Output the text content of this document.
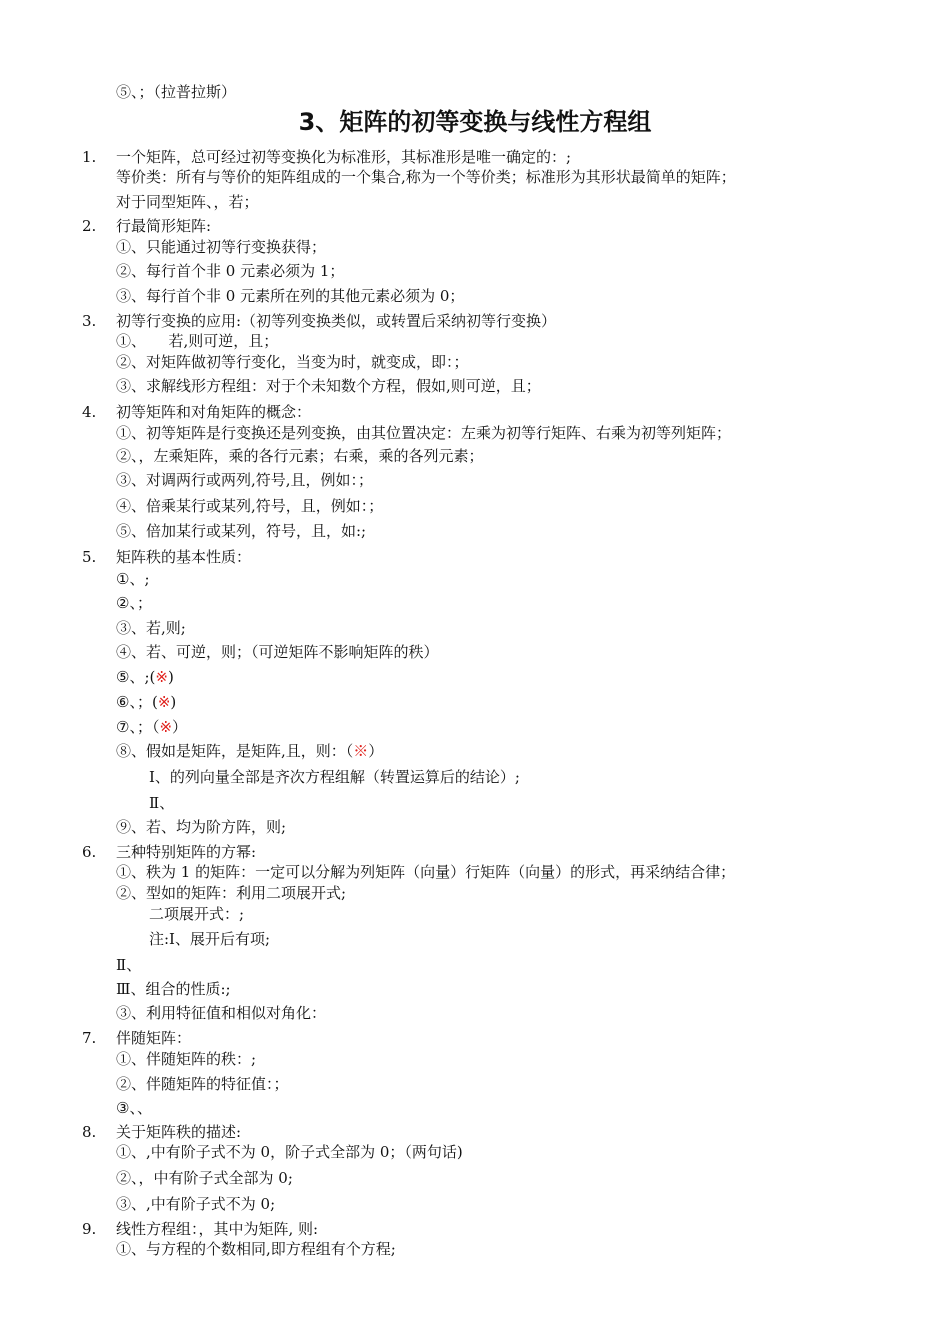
⑤、；（拉普拉斯）
3、矩阵的初等变换与线性方程组
1. 一个矩阵，总可经过初等变换化为标准形，其标准形是唯一确定的：;
等价类：所有与等价的矩阵组成的一个集合,称为一个等价类；标准形为其形状最简单的矩阵；
对于同型矩阵、，若；
2. 行最简形矩阵:
①、只能通过初等行变换获得；
②、每行首个非 0 元素必须为 1；
③、每行首个非 0 元素所在列的其他元素必须为 0；
3. 初等行变换的应用:（初等列变换类似，或转置后采纳初等行变换）
①、　　若,则可逆，且；
②、对矩阵做初等行变化，当变为时，就变成，即：；
③、求解线形方程组：对于个未知数个方程，假如,则可逆，且；
4. 初等矩阵和对角矩阵的概念：
①、初等矩阵是行变换还是列变换，由其位置决定：左乘为初等行矩阵、右乘为初等列矩阵；
②、，左乘矩阵，乘的各行元素；右乘，乘的各列元素；
③、对调两行或两列,符号,且，例如：；
④、倍乘某行或某列,符号，且，例如：；
⑤、倍加某行或某列，符号，且，如:;
5. 矩阵秩的基本性质：
①、;
②、；
③、若,则;
④、若、可逆，则；（可逆矩阵不影响矩阵的秩）
⑤、;(※)
⑥、；(※)
⑦、；（※）
⑧、假如是矩阵，是矩阵,且，则：（※）
Ⅰ、的列向量全部是齐次方程组解（转置运算后的结论）;
Ⅱ、
⑨、若、均为阶方阵，则;
6. 三种特别矩阵的方幂:
①、秩为 1 的矩阵：一定可以分解为列矩阵（向量）行矩阵（向量）的形式，再采纳结合律；
②、型如的矩阵：利用二项展开式;
二项展开式：;
注:Ⅰ、展开后有项;
Ⅱ、
Ⅲ、组合的性质:;
③、利用特征值和相似对角化：
7. 伴随矩阵：
①、伴随矩阵的秩：;
②、伴随矩阵的特征值：；
③、、
8. 关于矩阵秩的描述:
①、,中有阶子式不为 0，阶子式全部为 0；（两句话)
②、，中有阶子式全部为 0;
③、,中有阶子式不为 0;
9. 线性方程组：，其中为矩阵, 则:
①、与方程的个数相同,即方程组有个方程;
